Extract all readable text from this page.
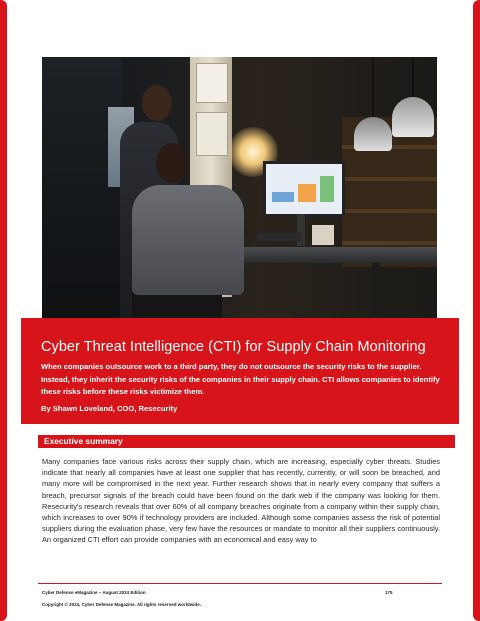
Cyber Threat Intelligence (CTI) for Supply Chain Monitoring
When companies outsource work to a third party, they do not outsource the security risks to the supplier. Instead, they inherit the security risks of the companies in their supply chain. CTI allows companies to identify these risks before these risks victimize them.
By Shawn Loveland, COO, Resecurity
Executive summary
Many companies face various risks across their supply chain, which are increasing, especially cyber threats. Studies indicate that nearly all companies have at least one supplier that has recently, currently, or will soon be breached, and many more will be compromised in the next year. Further research shows that in nearly every company that suffers a breach, precursor signals of the breach could have been found on the dark web if the company was looking for them. Resecurity's research reveals that over 60% of all company breaches originate from a company within their supply chain, which increases to over 90% if technology providers are included. Although some companies assess the risk of potential suppliers during the evaluation phase, very few have the resources or mandate to monitor all their suppliers continuously. An organized CTI effort can provide companies with an economical and easy way to
Cyber Defense eMagazine – August 2024 Edition	175
Copyright © 2024, Cyber Defense Magazine. All rights reserved worldwide.
